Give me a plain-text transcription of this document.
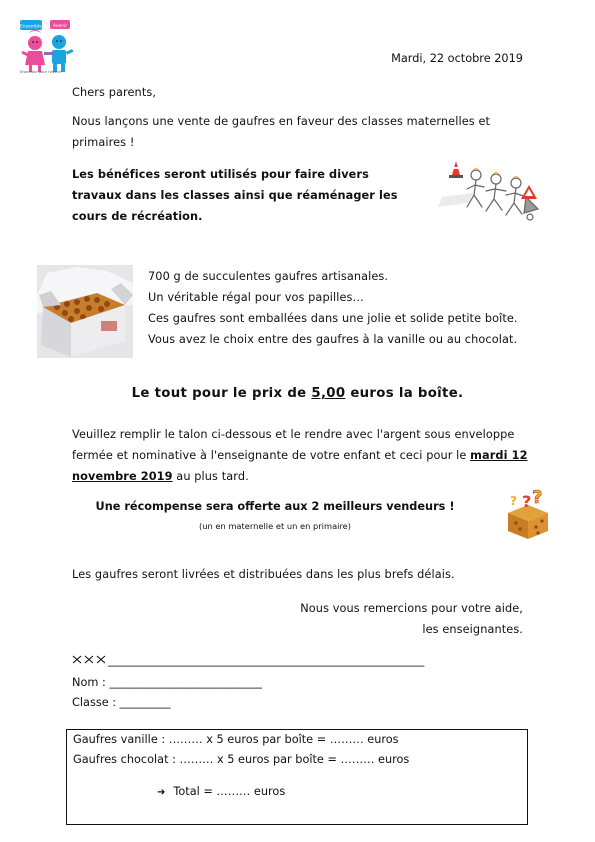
Ensemble Avenir
Ensemble pour l'avenir
Mardi, 22 octobre 2019
Chers parents,
Nous lançons une vente de gaufres en faveur des classes maternelles et primaires !
Les bénéfices seront utilisés pour faire divers travaux dans les classes ainsi que réaménager les cours de récréation.
700 g de succulentes gaufres artisanales.
Un véritable régal pour vos papilles…
Ces gaufres sont emballées dans une jolie et solide petite boîte. Vous avez le choix entre des gaufres à la vanille ou au chocolat.
Le tout pour le prix de 5,00 euros la boîte.
Veuillez remplir le talon ci-dessous et le rendre avec l'argent sous enveloppe fermée et nominative à l'enseignante de votre enfant et ceci pour le mardi 12 novembre 2019 au plus tard.
Une récompense sera offerte aux 2 meilleurs vendeurs !
(un en maternelle et un en primaire)
? ?
?
Les gaufres seront livrées et distribuées dans les plus brefs délais.
Nous vous remercions pour votre aide,
les enseignantes.
________________________________________________________
Nom : ___________________________
Classe : _________
Gaufres vanille : ……… x 5 euros par boîte = ……… euros
Gaufres chocolat : ……… x 5 euros par boîte = ……… euros
➜ Total = ……… euros
